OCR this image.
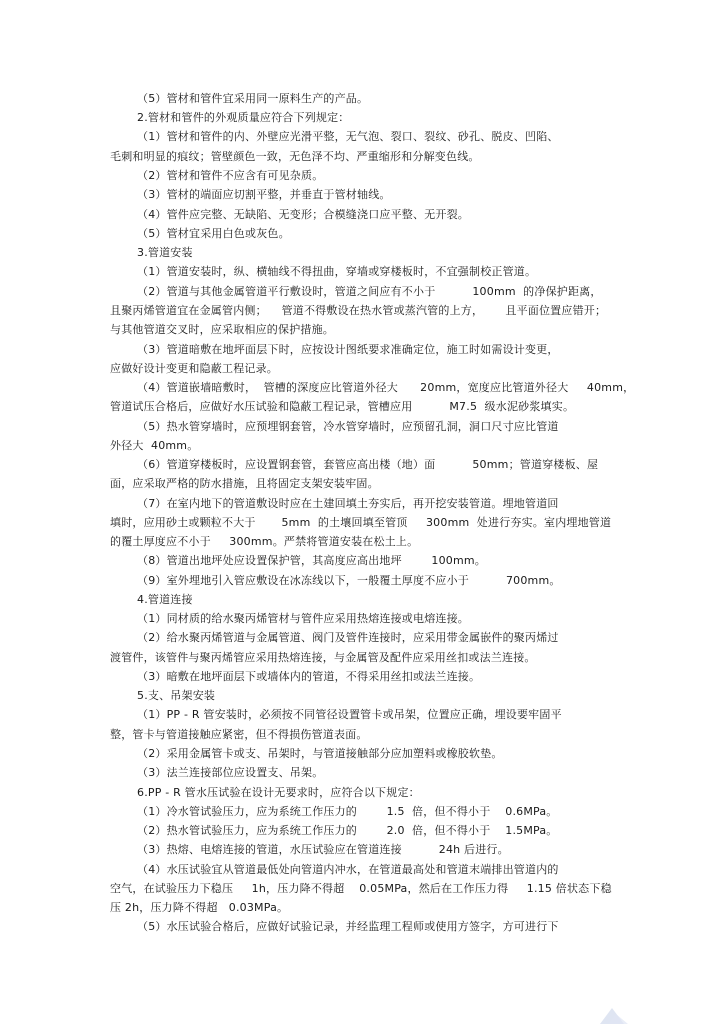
（5）管材和管件宜采用同一原料生产的产品。
2.管材和管件的外观质量应符合下列规定：
（1）管材和管件的内、外壁应光滑平整，无气泡、裂口、裂纹、砂孔、脱皮、凹陷、
毛刺和明显的痕纹；管壁颜色一致，无色泽不均、严重缩形和分解变色线。
（2）管材和管件不应含有可见杂质。
（3）管材的端面应切割平整，并垂直于管材轴线。
（4）管件应完整、无缺陷、无变形；合模缝浇口应平整、无开裂。
（5）管材宜采用白色或灰色。
3.管道安装
（1）管道安装时，纵、横轴线不得扭曲，穿墙或穿楼板时，不宜强制校正管道。
（2）管道与其他金属管道平行敷设时，管道之间应有不小于          100mm  的净保护距离，
且聚丙烯管道宜在金属管内侧；    管道不得敷设在热水管或蒸汽管的上方，      且平面位置应错开；
与其他管道交叉时，应采取相应的保护措施。
（3）管道暗敷在地坪面层下时，应按设计图纸要求准确定位，施工时如需设计变更，
应做好设计变更和隐蔽工程记录。
（4）管道嵌墙暗敷时，  管槽的深度应比管道外径大      20mm，宽度应比管道外径大     40mm，
管道试压合格后，应做好水压试验和隐蔽工程记录，管槽应用          M7.5  级水泥砂浆填实。
（5）热水管穿墙时，应预埋钢套管，冷水管穿墙时，应预留孔洞，洞口尺寸应比管道
外径大  40mm。
（6）管道穿楼板时，应设置钢套管，套管应高出楼（地）面          50mm；管道穿楼板、屋
面，应采取严格的防水措施，且将固定支架安装牢固。
（7）在室内地下的管道敷设时应在土建回填土夯实后，再开挖安装管道。埋地管道回
填时，应用砂土或颗粒不大于       5mm  的土壤回填至管顶     300mm  处进行夯实。室内埋地管道
的覆土厚度应不小于     300mm。严禁将管道安装在松土上。
（8）管道出地坪处应设置保护管，其高度应高出地坪        100mm。
（9）室外埋地引入管应敷设在冰冻线以下，一般覆土厚度不应小于          700mm。
4.管道连接
（1）同材质的给水聚丙烯管材与管件应采用热熔连接或电熔连接。
（2）给水聚丙烯管道与金属管道、阀门及管件连接时，应采用带金属嵌件的聚丙烯过
渡管件，该管件与聚丙烯管应采用热熔连接，与金属管及配件应采用丝扣或法兰连接。
（3）暗敷在地坪面层下或墙体内的管道，不得采用丝扣或法兰连接。
5.支、吊架安装
（1）PP - R 管安装时，必须按不同管径设置管卡或吊架，位置应正确，埋设要牢固平
整，管卡与管道接触应紧密，但不得损伤管道表面。
（2）采用金属管卡或支、吊架时，与管道接触部分应加塑料或橡胶软垫。
（3）法兰连接部位应设置支、吊架。
6.PP - R 管水压试验在设计无要求时，应符合以下规定：
（1）冷水管试验压力，应为系统工作压力的        1.5  倍，但不得小于    0.6MPa。
（2）热水管试验压力，应为系统工作压力的        2.0  倍，但不得小于    1.5MPa。
（3）热熔、电熔连接的管道，水压试验应在管道连接          24h 后进行。
（4）水压试验宜从管道最低处向管道内冲水，在管道最高处和管道末端排出管道内的
空气，在试验压力下稳压     1h，压力降不得超    0.05MPa，然后在工作压力得     1.15 倍状态下稳
压 2h，压力降不得超   0.03MPa。
（5）水压试验合格后，应做好试验记录，并经监理工程师或使用方签字，方可进行下
